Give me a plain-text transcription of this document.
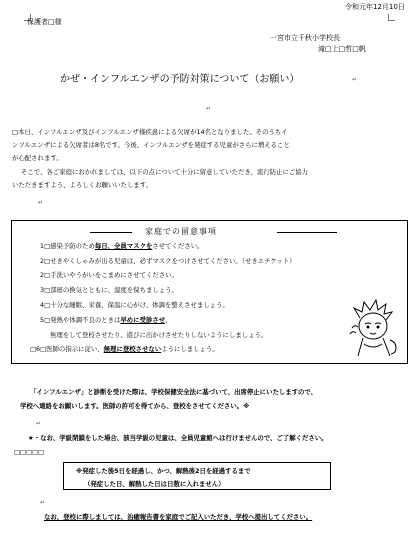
令和元年12月10日
保護者□様
一宮市立千秋小学校長
滝□上□哲□帆
かぜ・インフルエンザの予防対策について（お願い）	↵
↵
□本日、インフルエンザ及びインフルエンザ様疾患による欠席が14名となりました。そのうちイ
ンフルエンザによる欠席者は8名です。今後、インフルエンザを発症する児童がさらに増えること
が心配されます。
そこで、各ご家庭におかれましては、以下の点について十分に留意していただき、流行防止にご協力
いただきますよう、よろしくお願いいたします。
↵
家庭での留意事項
1□感染予防のため毎日、全員マスクをさせてください。
2□せきやくしゃみが出る児童は、必ずマスクをつけさせてください。（せきエチケット）
2□手洗いやうがいをこまめにさせてください。
3□部屋の換気とともに、湿度を保ちましょう。
4□十分な睡眠、栄養、保温に心がけ、体調を整えさせましょう。
5□発熱や体調不良のときは早めに受診させ、
無理をして登校させたり、遊びに出かけさせたりしないようにしましょう。
□6□医師の指示に従い、無理に登校させないようにしましょう。
「インフルエンザ」と診断を受けた際は、学校保健安全法に基づいて、出席停止にいたしますので、
学校へ連絡をお願いします。医師の許可を得てから、登校をさせてください。※
↵
★・なお、学級閉鎖をした場合、該当学級の児童は、全員児童館へは行けませんので、ご了解ください。
□□□□□
※発症した後5日を経過し、かつ、解熱後2日を経過するまで
（発症した日、解熱した日は日数に入れません）
↵
なお、登校に際しましては、治癒報告書を家庭でご記入いただき、学校へ提出してください。
